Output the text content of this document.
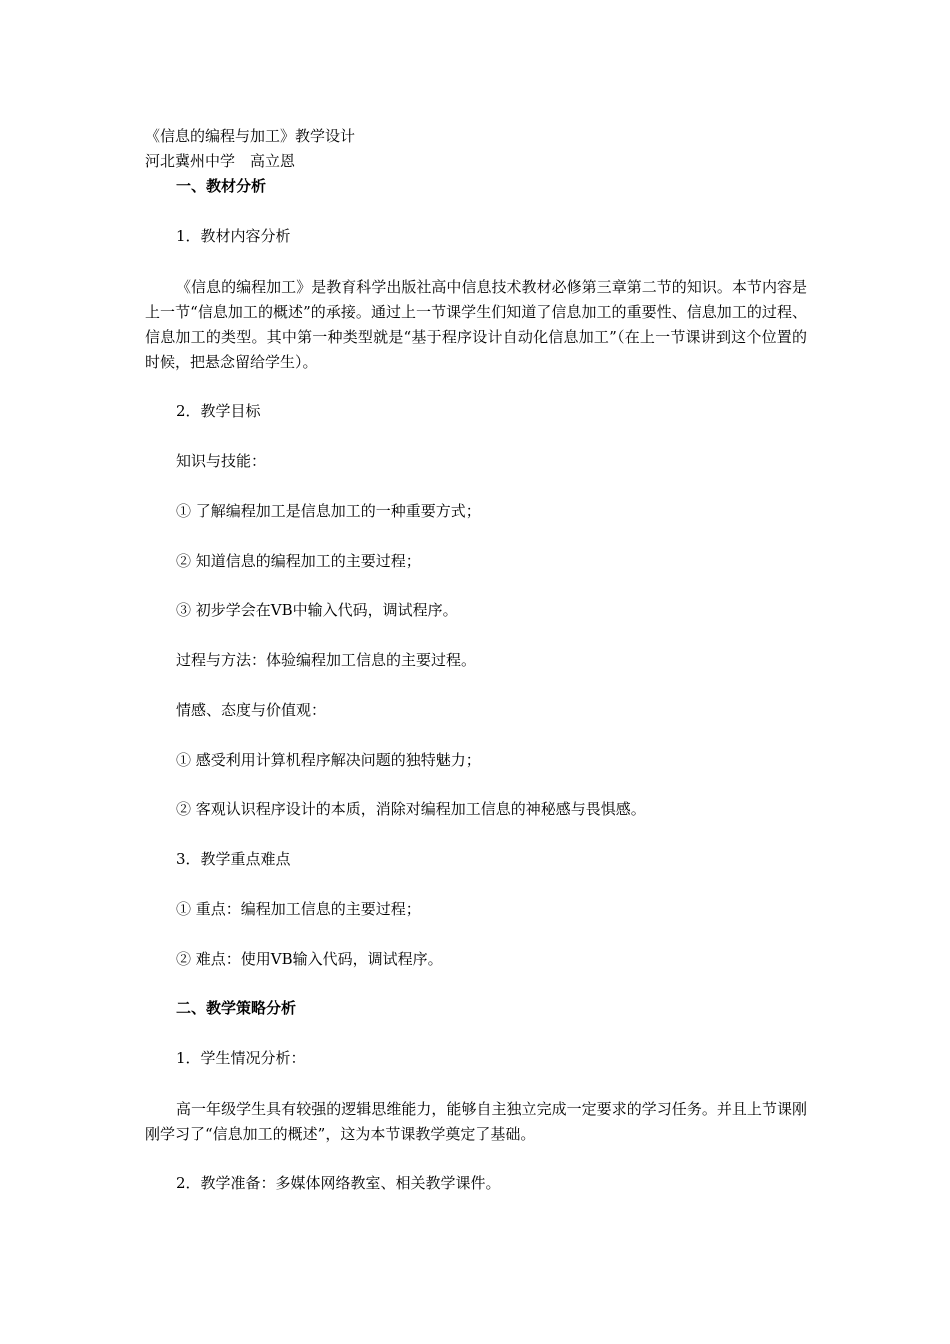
《信息的编程与加工》教学设计
河北冀州中学　高立恩
一、教材分析
1．教材内容分析
《信息的编程加工》是教育科学出版社高中信息技术教材必修第三章第二节的知识。本节内容是上一节“信息加工的概述”的承接。通过上一节课学生们知道了信息加工的重要性、信息加工的过程、信息加工的类型。其中第一种类型就是“基于程序设计自动化信息加工”（在上一节课讲到这个位置的时候，把悬念留给学生）。
2．教学目标
知识与技能：
① 了解编程加工是信息加工的一种重要方式；
② 知道信息的编程加工的主要过程；
③ 初步学会在VB中输入代码，调试程序。
过程与方法：体验编程加工信息的主要过程。
情感、态度与价值观：
① 感受利用计算机程序解决问题的独特魅力；
② 客观认识程序设计的本质，消除对编程加工信息的神秘感与畏惧感。
3．教学重点难点
① 重点：编程加工信息的主要过程；
② 难点：使用VB输入代码，调试程序。
二、教学策略分析
1．学生情况分析：
高一年级学生具有较强的逻辑思维能力，能够自主独立完成一定要求的学习任务。并且上节课刚刚学习了“信息加工的概述”，这为本节课教学奠定了基础。
2．教学准备：多媒体网络教室、相关教学课件。
